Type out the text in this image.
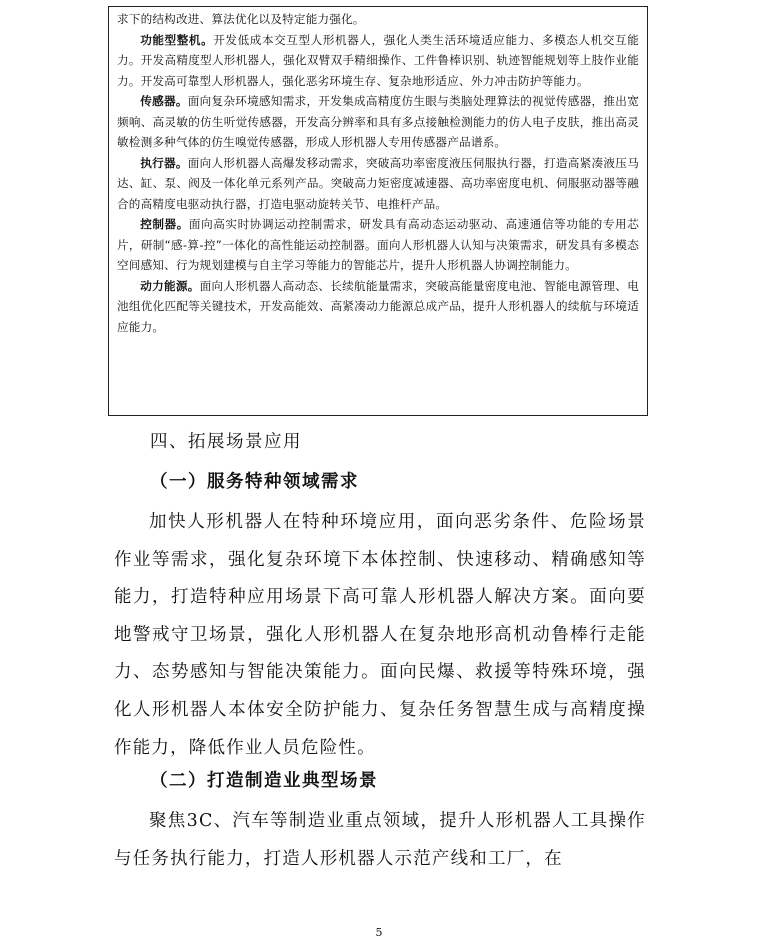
求下的结构改进、算法优化以及特定能力强化。

功能型整机。开发低成本交互型人形机器人，强化人类生活环境适应能力、多模态人机交互能力。开发高精度型人形机器人，强化双臂双手精细操作、工件鲁棒识别、轨迹智能规划等上肢作业能力。开发高可靠型人形机器人，强化恶劣环境生存、复杂地形适应、外力冲击防护等能力。

传感器。面向复杂环境感知需求，开发集成高精度仿生眼与类脑处理算法的视觉传感器，推出宽频响、高灵敏的仿生听觉传感器，开发高分辨率和具有多点接触检测能力的仿人电子皮肤，推出高灵敏检测多种气体的仿生嗅觉传感器，形成人形机器人专用传感器产品谱系。

执行器。面向人形机器人高爆发移动需求，突破高功率密度液压伺服执行器，打造高紧凑液压马达、缸、泵、阀及一体化单元系列产品。突破高力矩密度减速器、高功率密度电机、伺服驱动器等融合的高精度电驱动执行器，打造电驱动旋转关节、电推杆产品。

控制器。面向高实时协调运动控制需求，研发具有高动态运动驱动、高速通信等功能的专用芯片，研制“感-算-控”一体化的高性能运动控制器。面向人形机器人认知与决策需求，研发具有多模态空间感知、行为规划建模与自主学习等能力的智能芯片，提升人形机器人协调控制能力。

动力能源。面向人形机器人高动态、长续航能量需求，突破高能量密度电池、智能电源管理、电池组优化匹配等关键技术，开发高能效、高紧凑动力能源总成产品，提升人形机器人的续航与环境适应能力。

四、拓展场景应用
（一）服务特种领域需求

加快人形机器人在特种环境应用，面向恶劣条件、危险场景作业等需求，强化复杂环境下本体控制、快速移动、精确感知等能力，打造特种应用场景下高可靠人形机器人解决方案。面向要地警戒守卫场景，强化人形机器人在复杂地形高机动鲁棒行走能力、态势感知与智能决策能力。面向民爆、救援等特殊环境，强化人形机器人本体安全防护能力、复杂任务智慧生成与高精度操作能力，降低作业人员危险性。

（二）打造制造业典型场景

聚焦3C、汽车等制造业重点领域，提升人形机器人工具操作与任务执行能力，打造人形机器人示范产线和工厂，在

5
